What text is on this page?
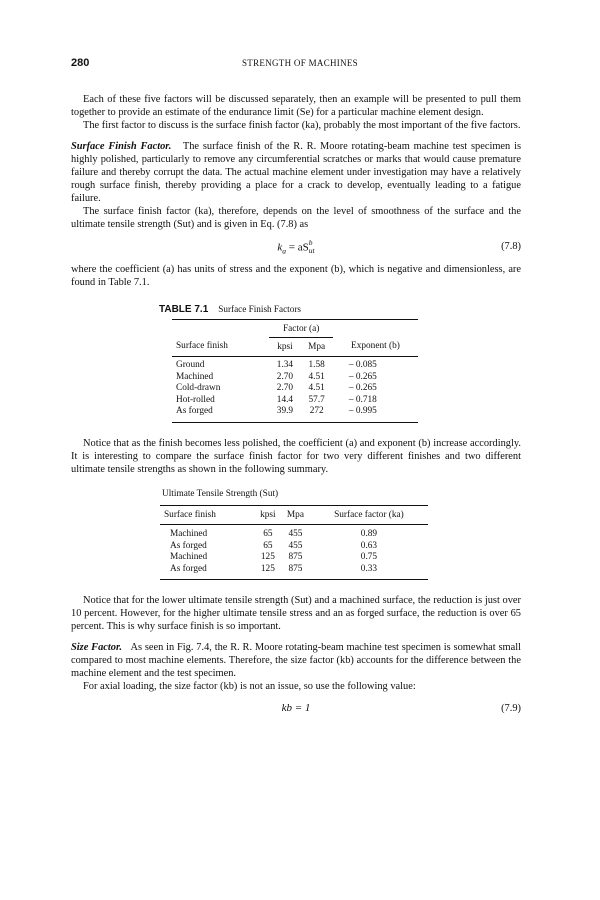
280	STRENGTH OF MACHINES

Each of these five factors will be discussed separately, then an example will be presented to pull them together to provide an estimate of the endurance limit (Se) for a particular machine element design.

The first factor to discuss is the surface finish factor (ka), probably the most important of the five factors.

Surface Finish Factor. The surface finish of the R. R. Moore rotating-beam machine test specimen is highly polished, particularly to remove any circumferential scratches or marks that would cause premature failure and thereby corrupt the data. The actual machine element under investigation may have a relatively rough surface finish, thereby providing a place for a crack to develop, eventually leading to a fatigue failure.

The surface finish factor (ka), therefore, depends on the level of smoothness of the surface and the ultimate tensile strength (Sut) and is given in Eq. (7.8) as

$k_a$ = aS b
ut	(7.8)

where the coefficient (a) has units of stress and the exponent (b), which is negative and dimensionless, are found in Table 7.1.

TABLE 7.1 Surface Finish Factors
	Factor (a)		
Surface finish	kpsi	Mpa	Exponent (b)
Ground	1.34	1.58	– 0.085
Machined	2.70	4.51	– 0.265
Cold-drawn	2.70	4.51	– 0.265
Hot-rolled	14.4	57.7	– 0.718
As forged	39.9	272	– 0.995

Notice that as the finish becomes less polished, the coefficient (a) and exponent (b) increase accordingly. It is interesting to compare the surface finish factor for two very different finishes and two different ultimate tensile strengths as shown in the following summary.

Ultimate Tensile Strength (Sut)
Surface finish	kpsi	Mpa	Surface factor (ka)
Machined	65	455	0.89
As forged	65	455	0.63
Machined	125	875	0.75
As forged	125	875	0.33

Notice that for the lower ultimate tensile strength (Sut) and a machined surface, the reduction is just over 10 percent. However, for the higher ultimate tensile stress and an as forged surface, the reduction is over 65 percent. This is why surface finish is so important.

Size Factor. As seen in Fig. 7.4, the R. R. Moore rotating-beam machine test specimen is somewhat small compared to most machine elements. Therefore, the size factor (kb) accounts for the difference between the machine element and the test specimen.

For axial loading, the size factor (kb) is not an issue, so use the following value:

kb = 1	(7.9)
